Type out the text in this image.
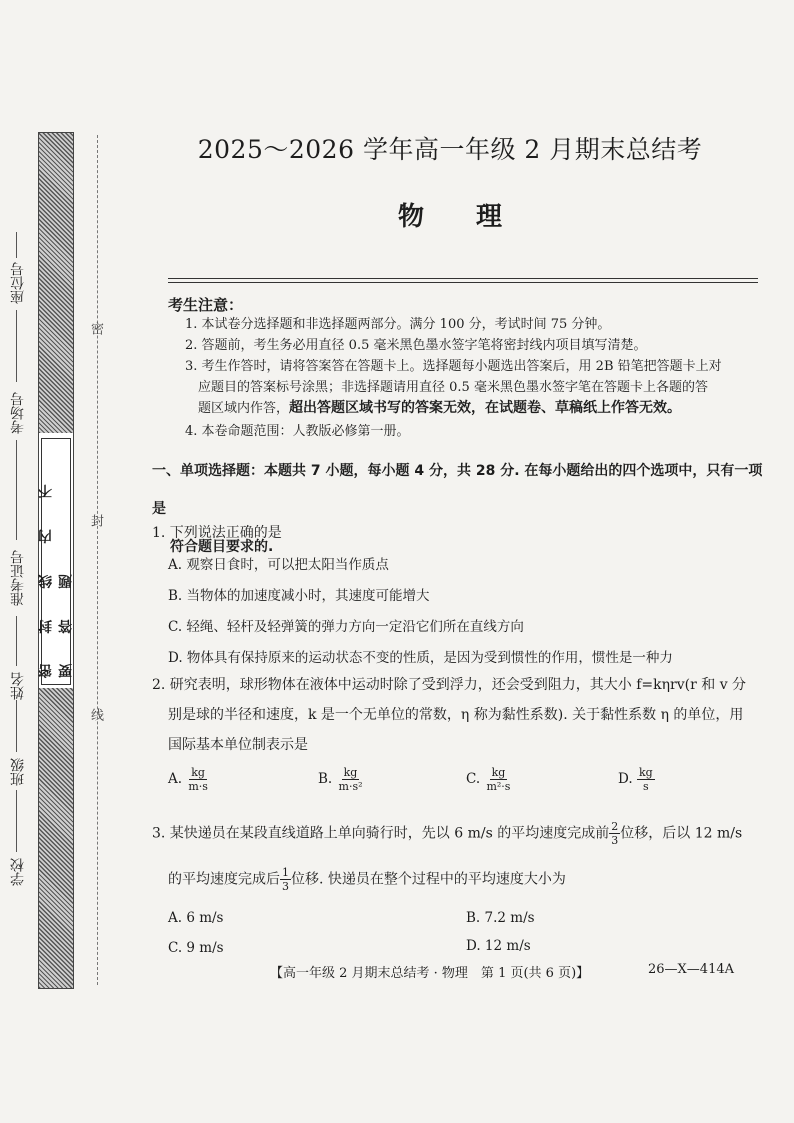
密 封 线 内 不 要 答 题
学校
班级
姓名
准考证号
考场号
座位号
密
封
线
2025～2026 学年高一年级 2 月期末总结考
物理
考生注意：
1. 本试卷分选择题和非选择题两部分。满分 100 分，考试时间 75 分钟。
2. 答题前，考生务必用直径 0.5 毫米黑色墨水签字笔将密封线内项目填写清楚。
3. 考生作答时，请将答案答在答题卡上。选择题每小题选出答案后，用 2B 铅笔把答题卡上对
应题目的答案标号涂黑；非选择题请用直径 0.5 毫米黑色墨水签字笔在答题卡上各题的答
题区域内作答，超出答题区域书写的答案无效，在试题卷、草稿纸上作答无效。
4. 本卷命题范围：人教版必修第一册。
一、单项选择题：本题共 7 小题，每小题 4 分，共 28 分. 在每小题给出的四个选项中，只有一项是
符合题目要求的.
1. 下列说法正确的是
A. 观察日食时，可以把太阳当作质点
B. 当物体的加速度减小时，其速度可能增大
C. 轻绳、轻杆及轻弹簧的弹力方向一定沿它们所在直线方向
D. 物体具有保持原来的运动状态不变的性质，是因为受到惯性的作用，惯性是一种力
2. 研究表明，球形物体在液体中运动时除了受到浮力，还会受到阻力，其大小 f=kηrv(r 和 v 分
别是球的半径和速度，k 是一个无单位的常数，η 称为黏性系数). 关于黏性系数 η 的单位，用
国际基本单位制表示是
A. $\frac{kg}{m\cdot s}$	B. $\frac{kg}{\text{m·s²}}$	C. $\frac{kg}{\text{m²·s}}$	D. $\frac{kg}{s}$
3. 某快递员在某段直线道路上单向骑行时，先以 6 m/s 的平均速度完成前 $\frac{2}{3}$ 位移，后以 12 m/s
的平均速度完成后 $\frac{1}{3}$ 位移. 快递员在整个过程中的平均速度大小为
A. 6 m/s	B. 7.2 m/s
C. 9 m/s	D. 12 m/s
【高一年级 2 月期末总结考 · 物理　第 1 页(共 6 页)】	26—X—414A
